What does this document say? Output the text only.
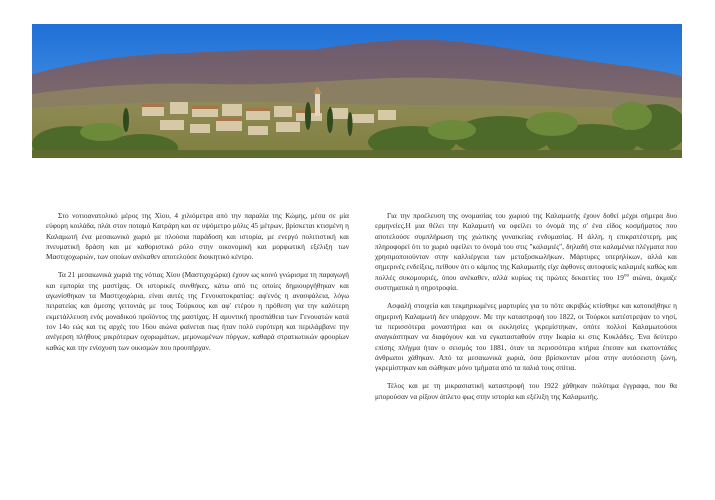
Στο νοτιοανατολικό μέρος της Χίου, 4 χιλιόμετρα από την παραλία της Κώμης, μέσα σε μία εύφορη κοιλάδα, πλάι στον ποταμό Κατράρη και σε υψόμετρο μόλις 45 μέτρων, βρίσκεται κτισμένη η Καλαμωτή ένα μεσαιωνικό χωριό με πλούσια παράδοση και ιστορία, με ενεργό πολιτιστική και πνευματική δράση και με καθοριστικό ρόλο στην οικονομική και μορφωτική εξέλιξη των Μαστιχοχωριών, των οποίων ανέκαθεν αποτελούσε διοικητικό κέντρο.

Τα 21 μεσαιωνικά χωριά της νότιας Χίου (Μαστιχοχώρια) έχουν ως κοινό γνώρισμα τη παραγωγή και εμπορία της μαστίχας. Οι ιστορικές συνθήκες, κάτω από τις οποίες δημιουργήθηκαν και αγωνίσθηκαν τα Μαστιχοχώρια, είναι αυτές της Γενουατοκρατίας: αφ'ενός η ανασφάλεια, λόγω πειρατείας και άμεσης γειτονιάς με τους Τούρκους και αφ' ετέρου η πρόθεση για την καλύτερη εκμετάλλευση ενός μοναδικού προϊόντος της μαστίχας. Η αμυντική προσπάθεια των Γενουατών κατά τον 14ο εώς και τις αρχές του 16ου αιώνα φαίνεται πως ήταν πολύ ευρύτερη και περιλάμβανε την ανέγερση πλήθους μικρότερων οχυρωμάτων, μεμονωμένων πύργων, καθαρά στρατιωτικών φρουρίων καθώς και την ενίσχυση των οικισμών που προυπήρχαν.

Για την προέλευση της ονομασίας του χωριού της Καλαμωτής έχουν δοθεί μέχρι σήμερα δυο ερμηνείες.Η μια θέλει την Καλαμωτή να οφείλει το όνομά της σ' ένα είδος κοσμήματος που αποτελούσε συμπλήρωση της χιώτικης γυναικείας ενδυμασίας. Η άλλη, η επικρατέστερη, μας πληροφορεί ότι το χωριό οφείλει το όνομά του στις "καλαμιές", δηλαδή στα καλαμένια πλέγματα που χρησιμοποιούνταν στην καλλιέργεια των μεταξοσκωλήκων. Μάρτυρες υπερηλίκων, αλλά και σημερινές ενδείξεις, πείθουν ότι ο κάμπος της Καλαμωτής είχε άφθονες αυτοφυείς καλαμιές καθώς και πολλές συκομουριές, όπου ανέκαθεν, αλλά κυρίως τις πρώτες δεκαετίες του $19^{o\upsilon}$ αιώνα, άκμαζε συστηματικά η σηροτροφία.

Ασφαλή στοιχεία και τεκμηριωμένες μαρτυρίες για το πότε ακριβώς κτίσθηκε και κατοικήθηκε η σημερινή Καλαμωτή δεν υπάρχουν. Με την καταστροφή του 1822, οι Τούρκοι κατέστρεψαν το νησί, τα περισσότερα μοναστήρια και οι εκκλησίες γκρεμίστηκαν, οπότε πολλοί Καλαμωτούσοι αναγκάστηκαν να διαφύγουν και να εγκατασταθούν στην Ικαρία κι στις Κυκλάδες. Ένα δεύτερο επίσης πλήγμα ήταν ο σεισμός του 1881, όταν τα περισσότερα κτήρια έπεσαν και εκατοντάδες άνθρωποι χάθηκαν. Από τα μεσαιωνικά χωριά, όσα βρίσκονταν μέσα στην αυτόσειστη ζώνη, γκρεμίστηκαν και σώθηκαν μόνο τμήματα από τα παλιά τους σπίτια.

Τέλος και με τη μικρασιατική καταστροφή του 1922 χάθηκαν πολύτιμα έγγραφα, που θα μπορούσαν να ρίξουν άπλετο φως στην ιστορία και εξέλιξη της Καλαμωτής.
